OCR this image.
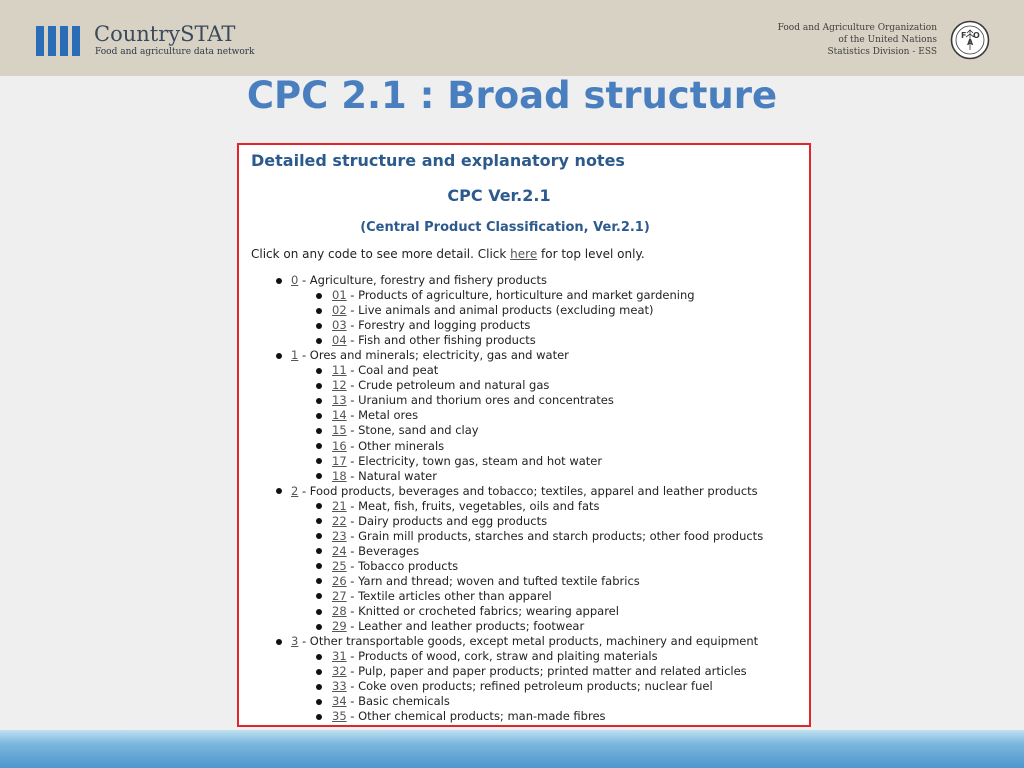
CountrySTAT
Food and agriculture data network
Food and Agriculture Organization
of the United Nations
Statistics Division - ESS
F
A
O
CPC 2.1 : Broad structure
Detailed structure and explanatory notes
CPC Ver.2.1
(Central Product Classification, Ver.2.1)
Click on any code to see more detail. Click here for top level only.
0 - Agriculture, forestry and fishery products
01 - Products of agriculture, horticulture and market gardening
02 - Live animals and animal products (excluding meat)
03 - Forestry and logging products
04 - Fish and other fishing products
1 - Ores and minerals; electricity, gas and water
11 - Coal and peat
12 - Crude petroleum and natural gas
13 - Uranium and thorium ores and concentrates
14 - Metal ores
15 - Stone, sand and clay
16 - Other minerals
17 - Electricity, town gas, steam and hot water
18 - Natural water
2 - Food products, beverages and tobacco; textiles, apparel and leather products
21 - Meat, fish, fruits, vegetables, oils and fats
22 - Dairy products and egg products
23 - Grain mill products, starches and starch products; other food products
24 - Beverages
25 - Tobacco products
26 - Yarn and thread; woven and tufted textile fabrics
27 - Textile articles other than apparel
28 - Knitted or crocheted fabrics; wearing apparel
29 - Leather and leather products; footwear
3 - Other transportable goods, except metal products, machinery and equipment
31 - Products of wood, cork, straw and plaiting materials
32 - Pulp, paper and paper products; printed matter and related articles
33 - Coke oven products; refined petroleum products; nuclear fuel
34 - Basic chemicals
35 - Other chemical products; man-made fibres
